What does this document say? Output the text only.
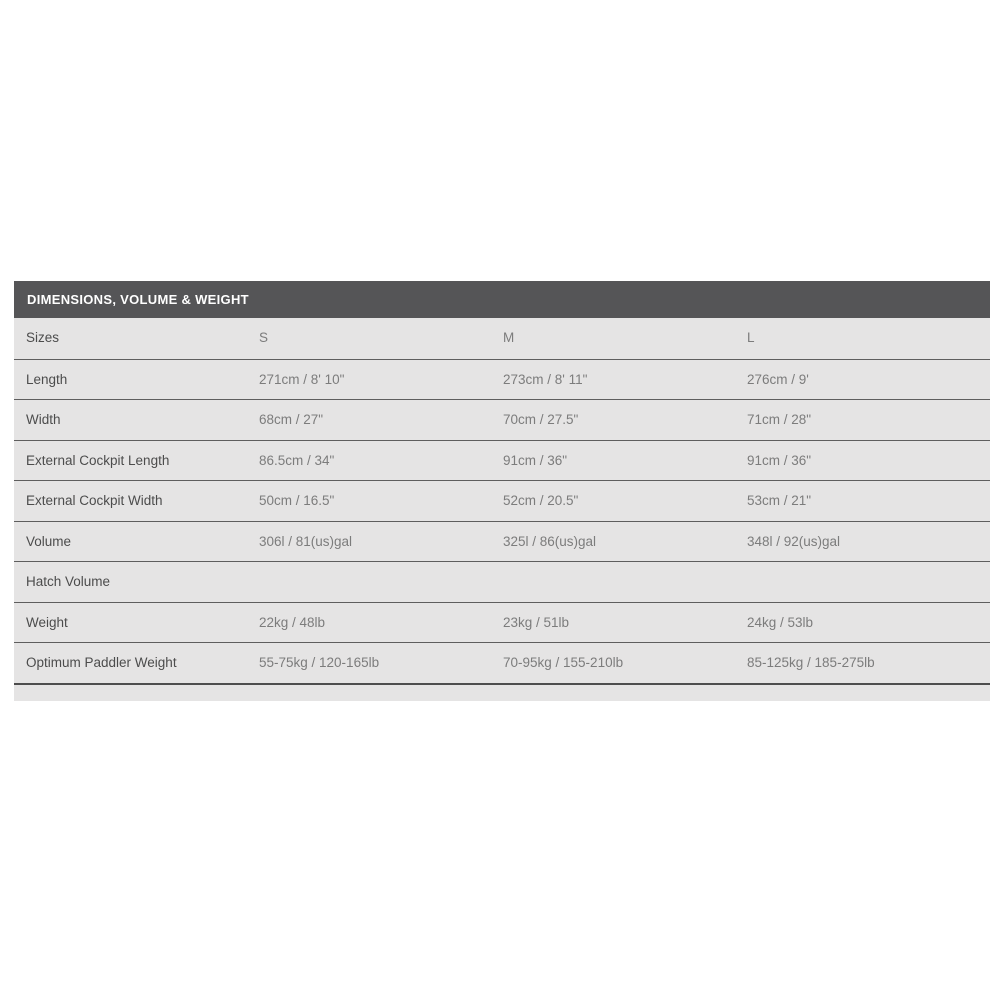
DIMENSIONS, VOLUME & WEIGHT
Sizes	S	M	L
Length	271cm / 8' 10"	273cm / 8' 11"	276cm / 9'
Width	68cm / 27"	70cm / 27.5"	71cm / 28"
External Cockpit Length	86.5cm / 34"	91cm / 36"	91cm / 36"
External Cockpit Width	50cm / 16.5"	52cm / 20.5"	53cm / 21"
Volume	306l / 81(us)gal	325l / 86(us)gal	348l / 92(us)gal
Hatch Volume
Weight	22kg / 48lb	23kg / 51lb	24kg / 53lb
Optimum Paddler Weight	55-75kg / 120-165lb	70-95kg / 155-210lb	85-125kg / 185-275lb
